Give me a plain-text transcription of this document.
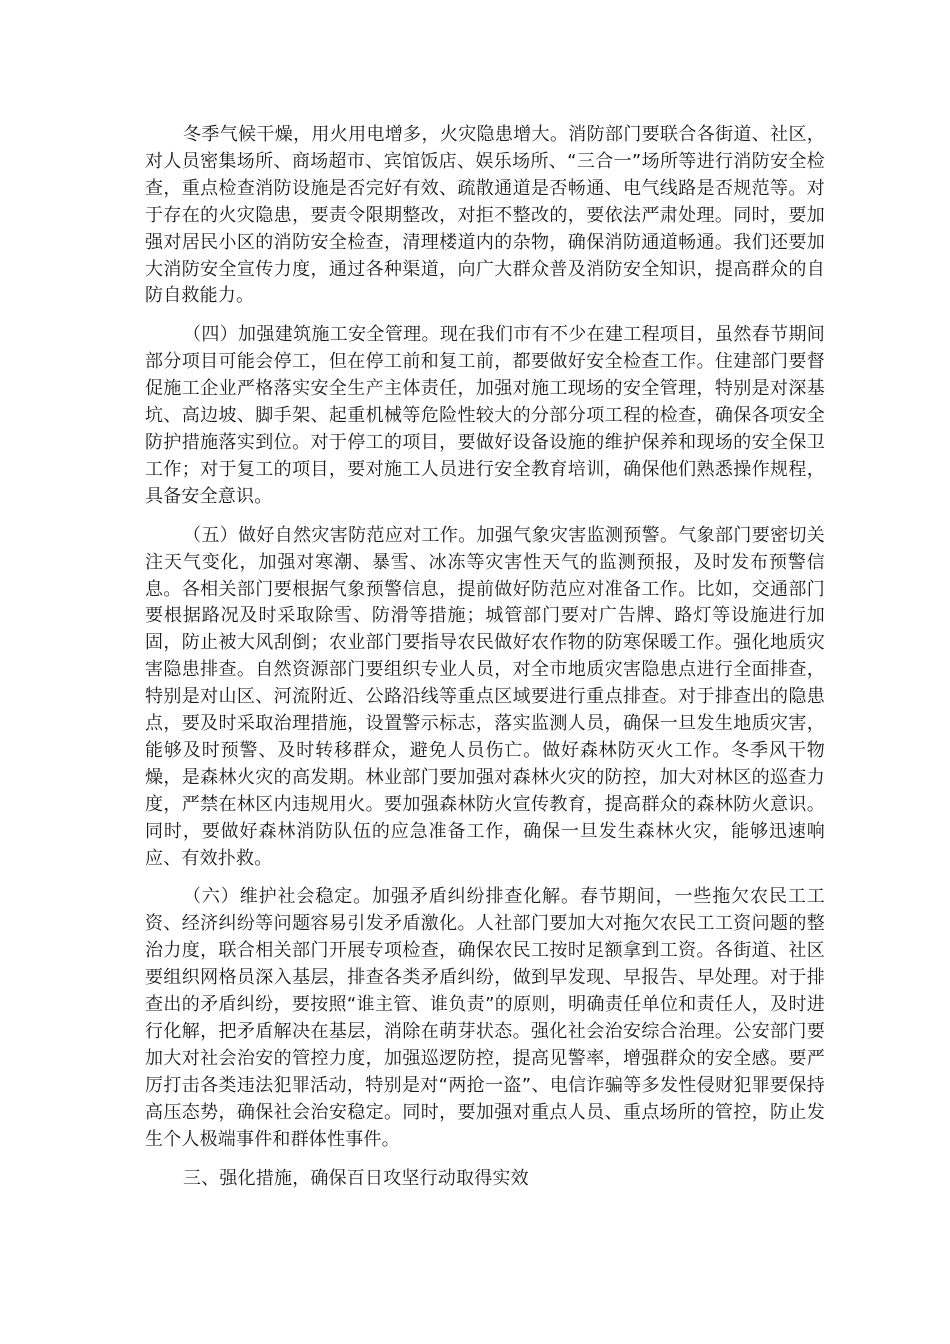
冬季气候干燥，用火用电增多，火灾隐患增大。消防部门要联合各街道、社区，对人员密集场所、商场超市、宾馆饭店、娱乐场所、“三合一”场所等进行消防安全检查，重点检查消防设施是否完好有效、疏散通道是否畅通、电气线路是否规范等。对于存在的火灾隐患，要责令限期整改，对拒不整改的，要依法严肃处理。同时，要加强对居民小区的消防安全检查，清理楼道内的杂物，确保消防通道畅通。我们还要加大消防安全宣传力度，通过各种渠道，向广大群众普及消防安全知识，提高群众的自防自救能力。

（四）加强建筑施工安全管理。现在我们市有不少在建工程项目，虽然春节期间部分项目可能会停工，但在停工前和复工前，都要做好安全检查工作。住建部门要督促施工企业严格落实安全生产主体责任，加强对施工现场的安全管理，特别是对深基坑、高边坡、脚手架、起重机械等危险性较大的分部分项工程的检查，确保各项安全防护措施落实到位。对于停工的项目，要做好设备设施的维护保养和现场的安全保卫工作；对于复工的项目，要对施工人员进行安全教育培训，确保他们熟悉操作规程，具备安全意识。

（五）做好自然灾害防范应对工作。加强气象灾害监测预警。气象部门要密切关注天气变化，加强对寒潮、暴雪、冰冻等灾害性天气的监测预报，及时发布预警信息。各相关部门要根据气象预警信息，提前做好防范应对准备工作。比如，交通部门要根据路况及时采取除雪、防滑等措施；城管部门要对广告牌、路灯等设施进行加固，防止被大风刮倒；农业部门要指导农民做好农作物的防寒保暖工作。强化地质灾害隐患排查。自然资源部门要组织专业人员，对全市地质灾害隐患点进行全面排查，特别是对山区、河流附近、公路沿线等重点区域要进行重点排查。对于排查出的隐患点，要及时采取治理措施，设置警示标志，落实监测人员，确保一旦发生地质灾害，能够及时预警、及时转移群众，避免人员伤亡。做好森林防灭火工作。冬季风干物燥，是森林火灾的高发期。林业部门要加强对森林火灾的防控，加大对林区的巡查力度，严禁在林区内违规用火。要加强森林防火宣传教育，提高群众的森林防火意识。同时，要做好森林消防队伍的应急准备工作，确保一旦发生森林火灾，能够迅速响应、有效扑救。

（六）维护社会稳定。加强矛盾纠纷排查化解。春节期间，一些拖欠农民工工资、经济纠纷等问题容易引发矛盾激化。人社部门要加大对拖欠农民工工资问题的整治力度，联合相关部门开展专项检查，确保农民工按时足额拿到工资。各街道、社区要组织网格员深入基层，排查各类矛盾纠纷，做到早发现、早报告、早处理。对于排查出的矛盾纠纷，要按照“谁主管、谁负责”的原则，明确责任单位和责任人，及时进行化解，把矛盾解决在基层，消除在萌芽状态。强化社会治安综合治理。公安部门要加大对社会治安的管控力度，加强巡逻防控，提高见警率，增强群众的安全感。要严厉打击各类违法犯罪活动，特别是对“两抢一盗”、电信诈骗等多发性侵财犯罪要保持高压态势，确保社会治安稳定。同时，要加强对重点人员、重点场所的管控，防止发生个人极端事件和群体性事件。

三、强化措施，确保百日攻坚行动取得实效
